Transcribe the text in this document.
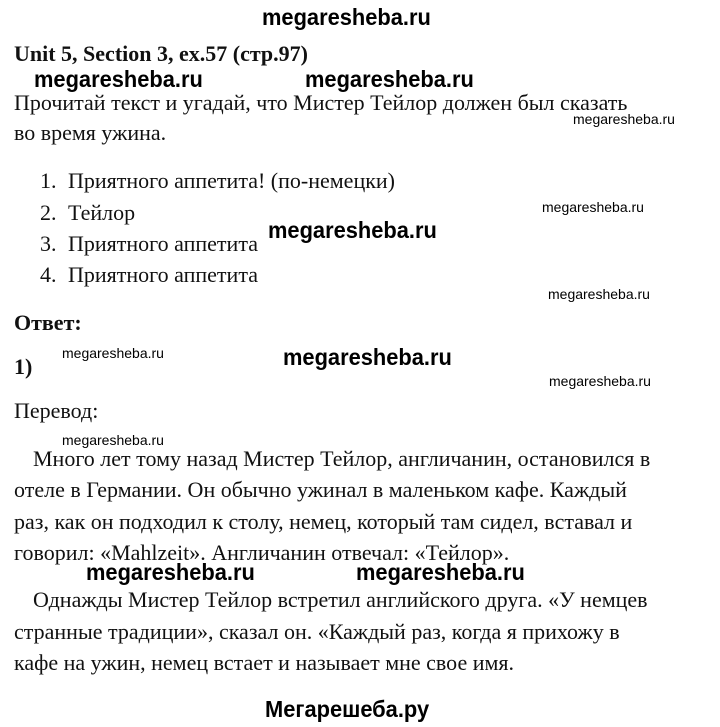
megaresheba.ru
Unit 5, Section 3, ex.57 (стр.97)
megaresheba.ru	megaresheba.ru
Прочитай текст и угадай, что Мистер Тейлор должен был сказать
megaresheba.ru
во время ужина.
1. Приятного аппетита! (по-немецки)
2. Тейлор	megaresheba.ru
megaresheba.ru
3. Приятного аппетита
4. Приятного аппетита
megaresheba.ru
Ответ:
megaresheba.ru	megaresheba.ru
1)
megaresheba.ru
Перевод:
megaresheba.ru
Много лет тому назад Мистер Тейлор, англичанин, остановился в
отеле в Германии. Он обычно ужинал в маленьком кафе. Каждый
раз, как он подходил к столу, немец, который там сидел, вставал и
говорил: «Mahlzeit». Англичанин отвечал: «Тейлор».
megaresheba.ru	megaresheba.ru
Однажды Мистер Тейлор встретил английского друга. «У немцев
странные традиции», сказал он. «Каждый раз, когда я прихожу в
кафе на ужин, немец встает и называет мне свое имя.
Мегарешеба.ру
